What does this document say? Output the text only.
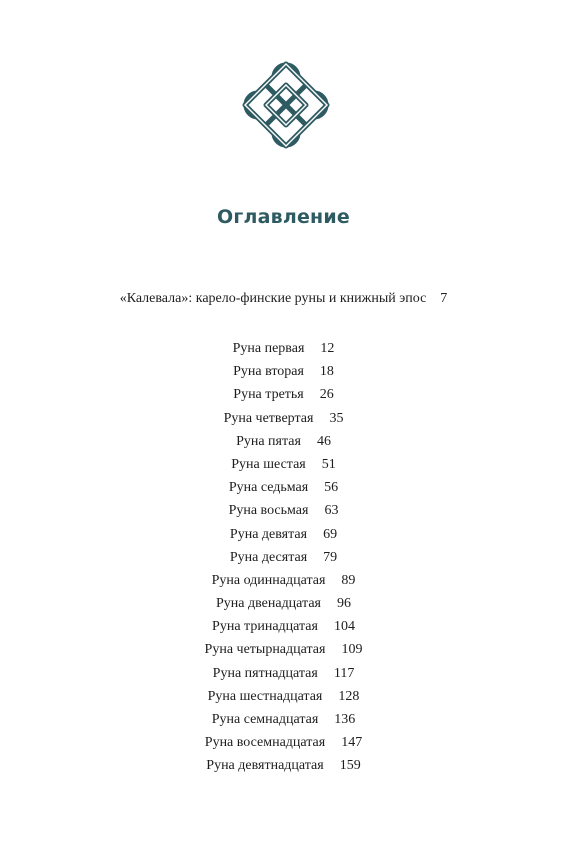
Оглавление
«Калевала»: карело-финские руны и книжный эпос 7
Руна первая 12
Руна вторая 18
Руна третья 26
Руна четвертая 35
Руна пятая 46
Руна шестая 51
Руна седьмая 56
Руна восьмая 63
Руна девятая 69
Руна десятая 79
Руна одиннадцатая 89
Руна двенадцатая 96
Руна тринадцатая 104
Руна четырнадцатая 109
Руна пятнадцатая 117
Руна шестнадцатая 128
Руна семнадцатая 136
Руна восемнадцатая 147
Руна девятнадцатая 159
